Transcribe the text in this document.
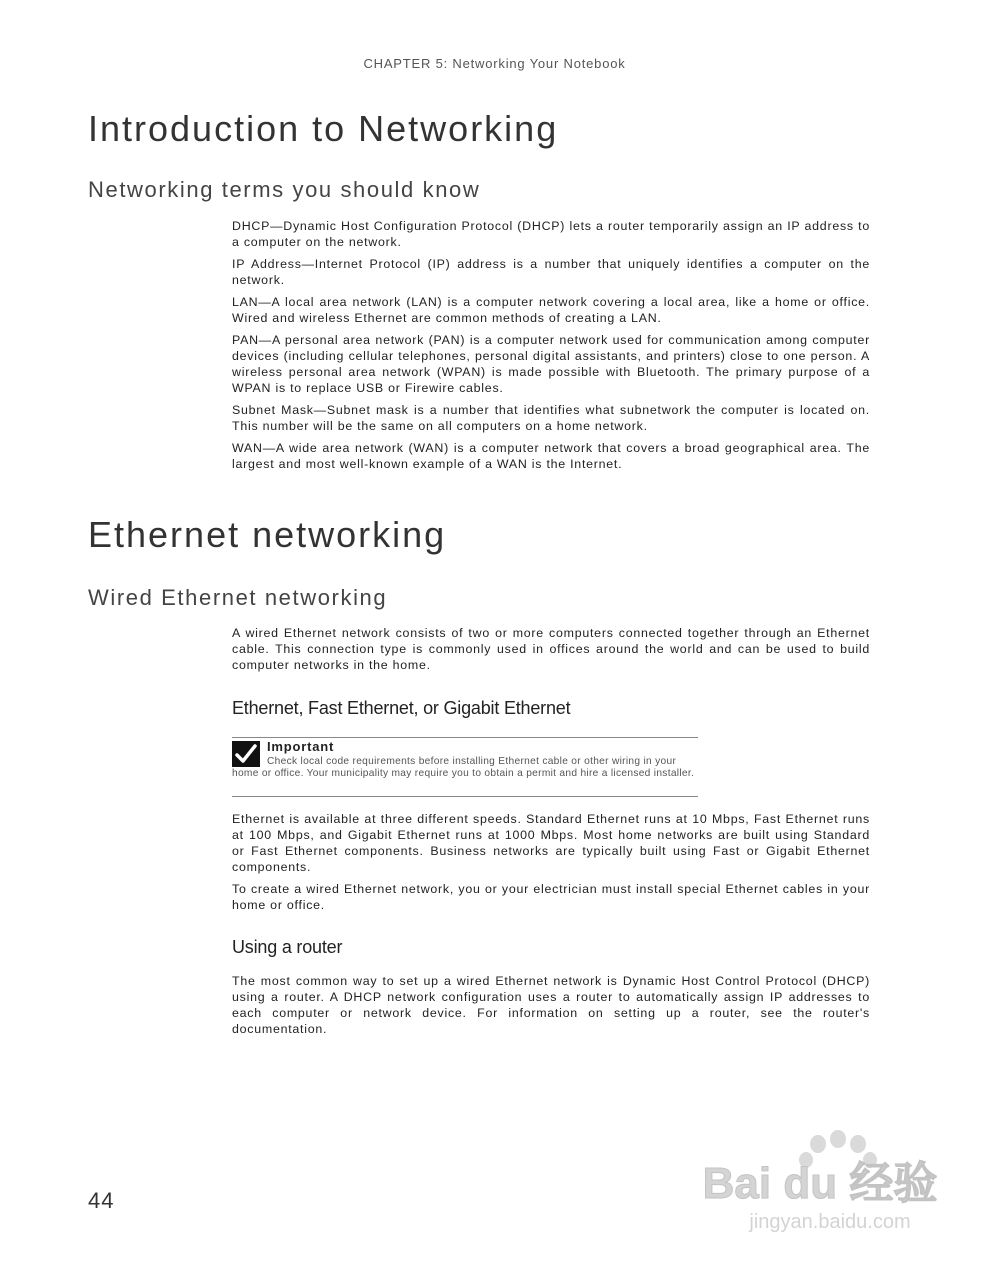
CHAPTER 5: Networking Your Notebook
Introduction to Networking
Networking terms you should know

DHCP—Dynamic Host Configuration Protocol (DHCP) lets a router temporarily assign an IP address to a computer on the network.

IP Address—Internet Protocol (IP) address is a number that uniquely identifies a computer on the network.

LAN—A local area network (LAN) is a computer network covering a local area, like a home or office. Wired and wireless Ethernet are common methods of creating a LAN.

PAN—A personal area network (PAN) is a computer network used for communication among computer devices (including cellular telephones, personal digital assistants, and printers) close to one person. A wireless personal area network (WPAN) is made possible with Bluetooth. The primary purpose of a WPAN is to replace USB or Firewire cables.

Subnet Mask—Subnet mask is a number that identifies what subnetwork the computer is located on. This number will be the same on all computers on a home network.

WAN—A wide area network (WAN) is a computer network that covers a broad geographical area. The largest and most well-known example of a WAN is the Internet.

Ethernet networking
Wired Ethernet networking

A wired Ethernet network consists of two or more computers connected together through an Ethernet cable. This connection type is commonly used in offices around the world and can be used to build computer networks in the home.

Ethernet, Fast Ethernet, or Gigabit Ethernet
Important
Check local code requirements before installing Ethernet cable or other wiring in your home or office. Your municipality may require you to obtain a permit and hire a licensed installer.

Ethernet is available at three different speeds. Standard Ethernet runs at 10 Mbps, Fast Ethernet runs at 100 Mbps, and Gigabit Ethernet runs at 1000 Mbps. Most home networks are built using Standard or Fast Ethernet components. Business networks are typically built using Fast or Gigabit Ethernet components.

To create a wired Ethernet network, you or your electrician must install special Ethernet cables in your home or office.

Using a router

The most common way to set up a wired Ethernet network is Dynamic Host Control Protocol (DHCP) using a router. A DHCP network configuration uses a router to automatically assign IP addresses to each computer or network device. For information on setting up a router, see the router's documentation.

44	Bai du 经验
jingyan.baidu.com
